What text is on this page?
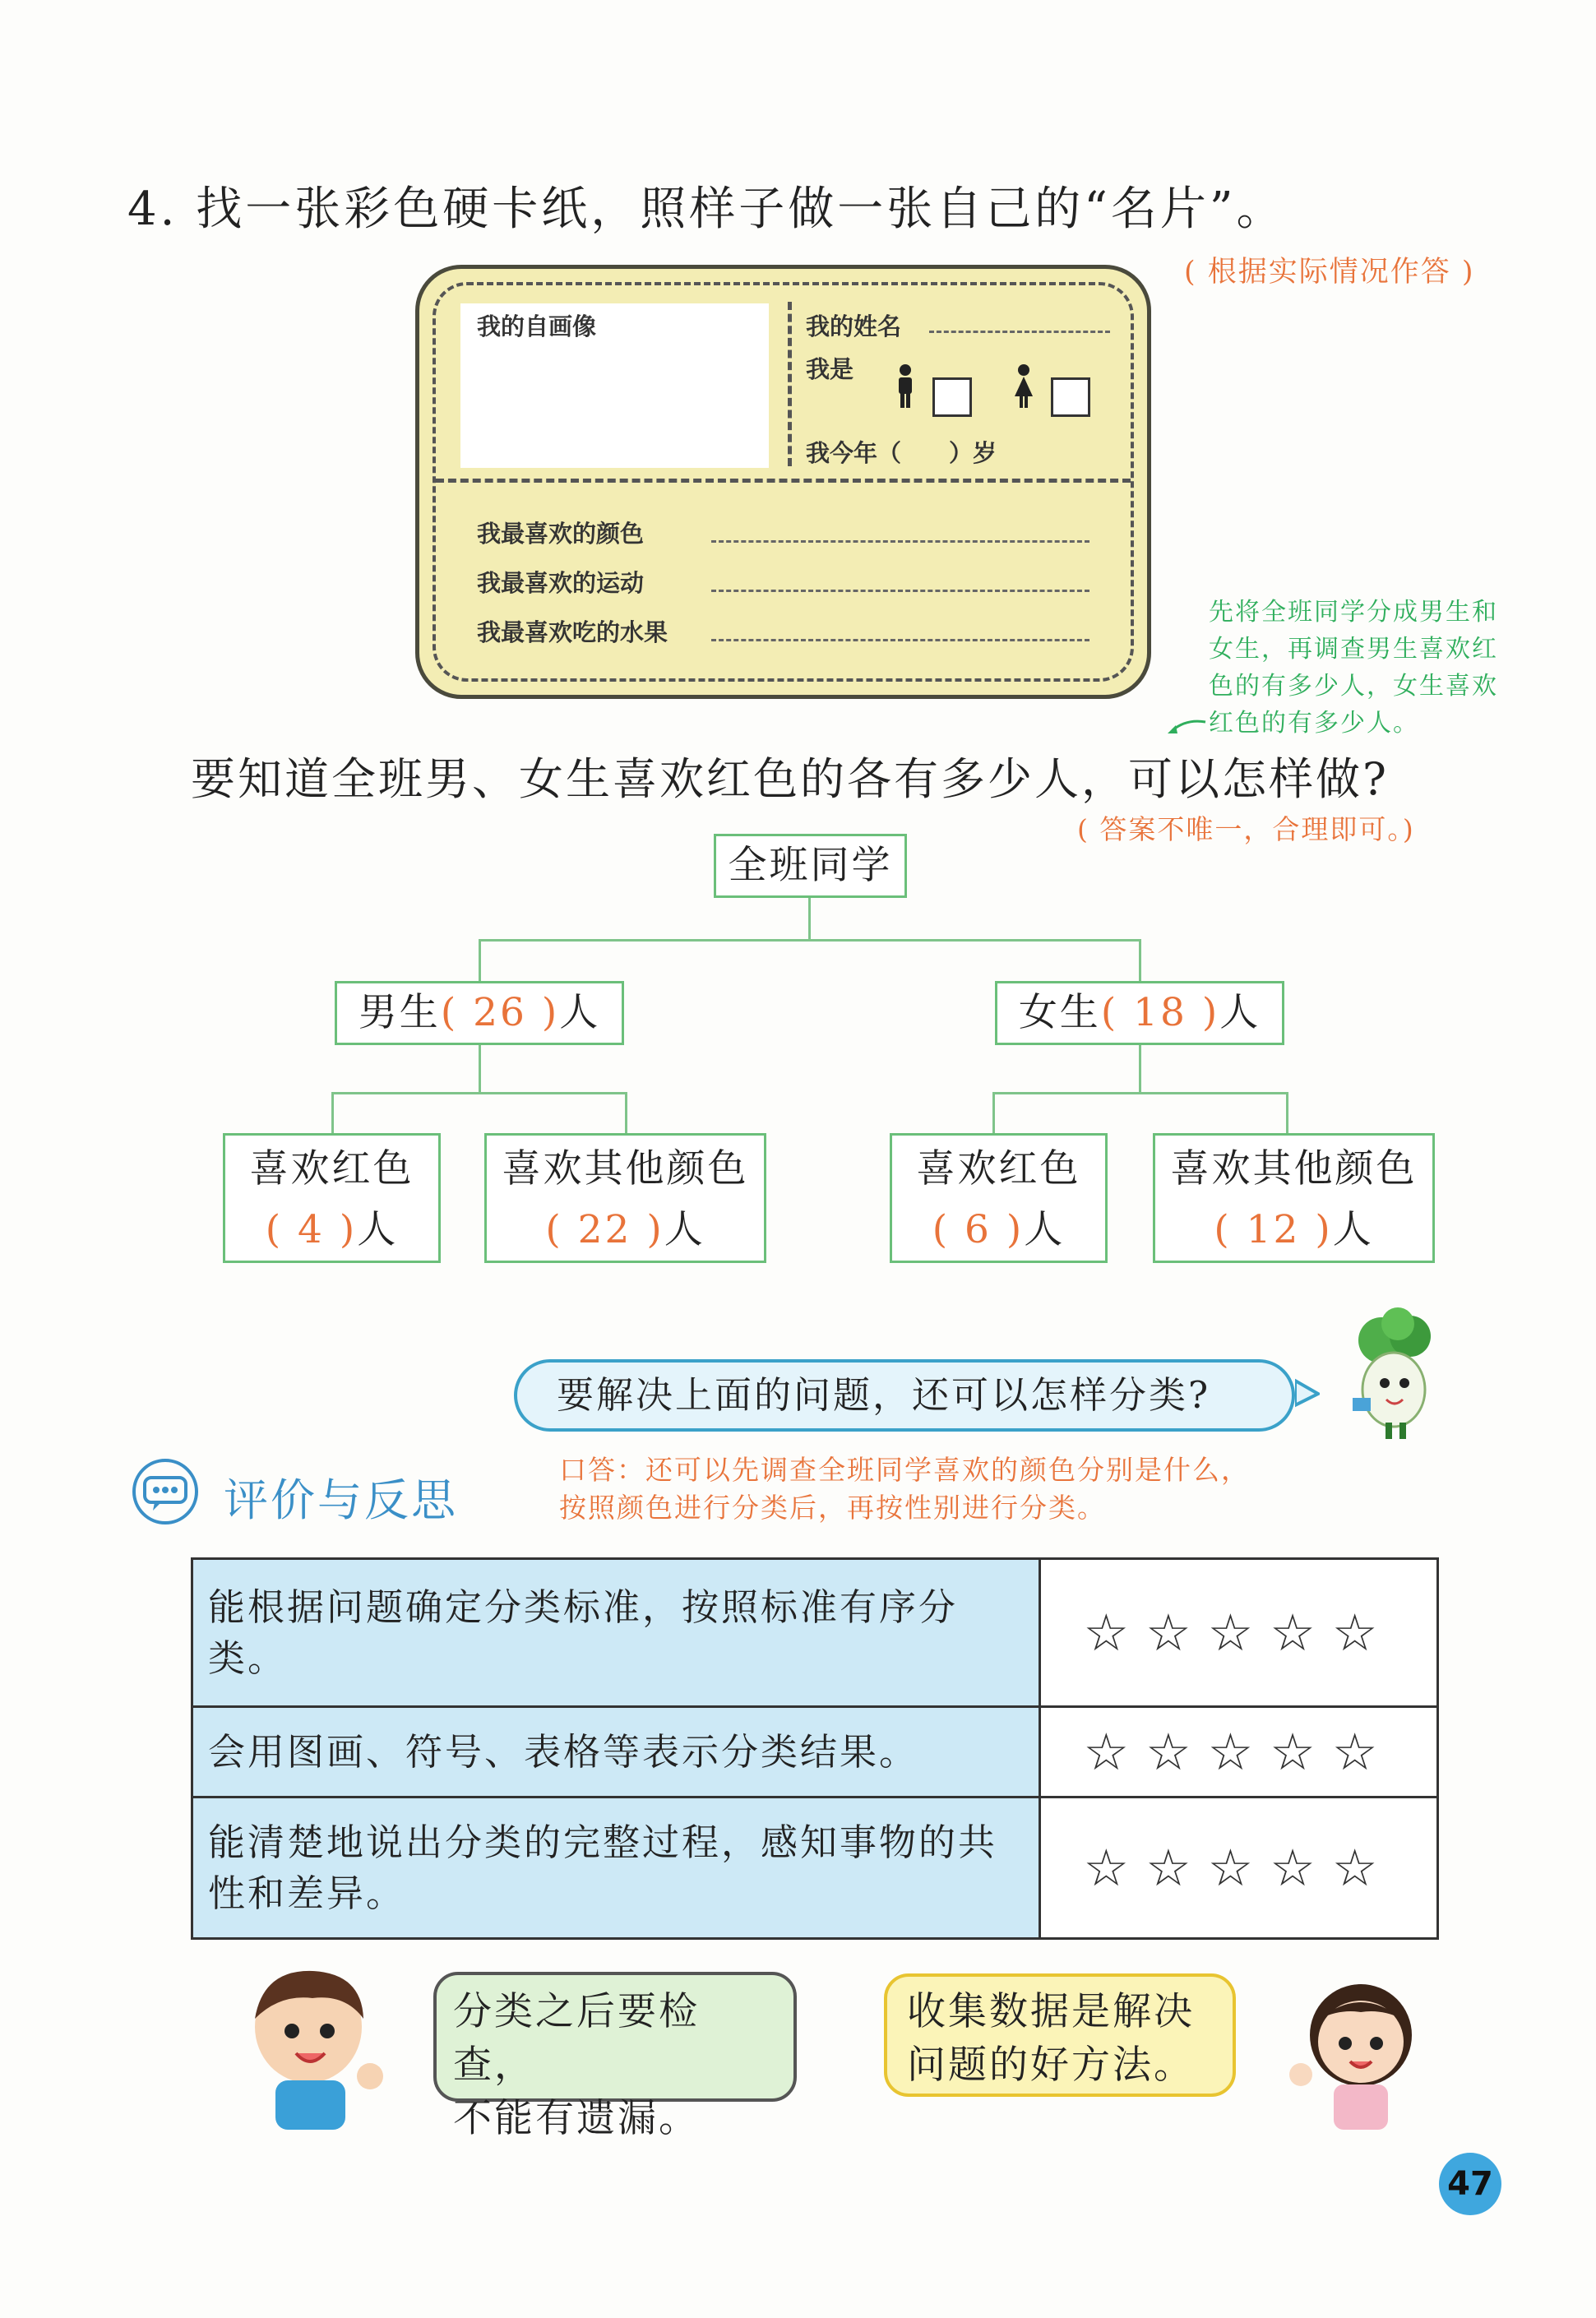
4. 找一张彩色硬卡纸，照样子做一张自己的“名片”。
( 根据实际情况作答 )
我的自画像	我的姓名
我是
我今年（　　）岁
我最喜欢的颜色
我最喜欢的运动
我最喜欢吃的水果
先将全班同学分成男生和
女生，再调查男生喜欢红
色的有多少人，女生喜欢
红色的有多少人。
要知道全班男、女生喜欢红色的各有多少人，可以怎样做?
( 答案不唯一，合理即可。)
全班同学
男生( 26 )人	女生( 18 )人
喜欢红色
( 4 )人
喜欢其他颜色
( 22 )人
喜欢红色
( 6 )人
喜欢其他颜色
( 12 )人
要解决上面的问题，还可以怎样分类?
评价与反思
口答：还可以先调查全班同学喜欢的颜色分别是什么，
按照颜色进行分类后，再按性别进行分类。
能根据问题确定分类标准，按照标准有序分类。	☆☆☆☆☆
会用图画、符号、表格等表示分类结果。	☆☆☆☆☆
能清楚地说出分类的完整过程，感知事物的共性和差异。	☆☆☆☆☆
分类之后要检查，
不能有遗漏。
收集数据是解决
问题的好方法。
47
